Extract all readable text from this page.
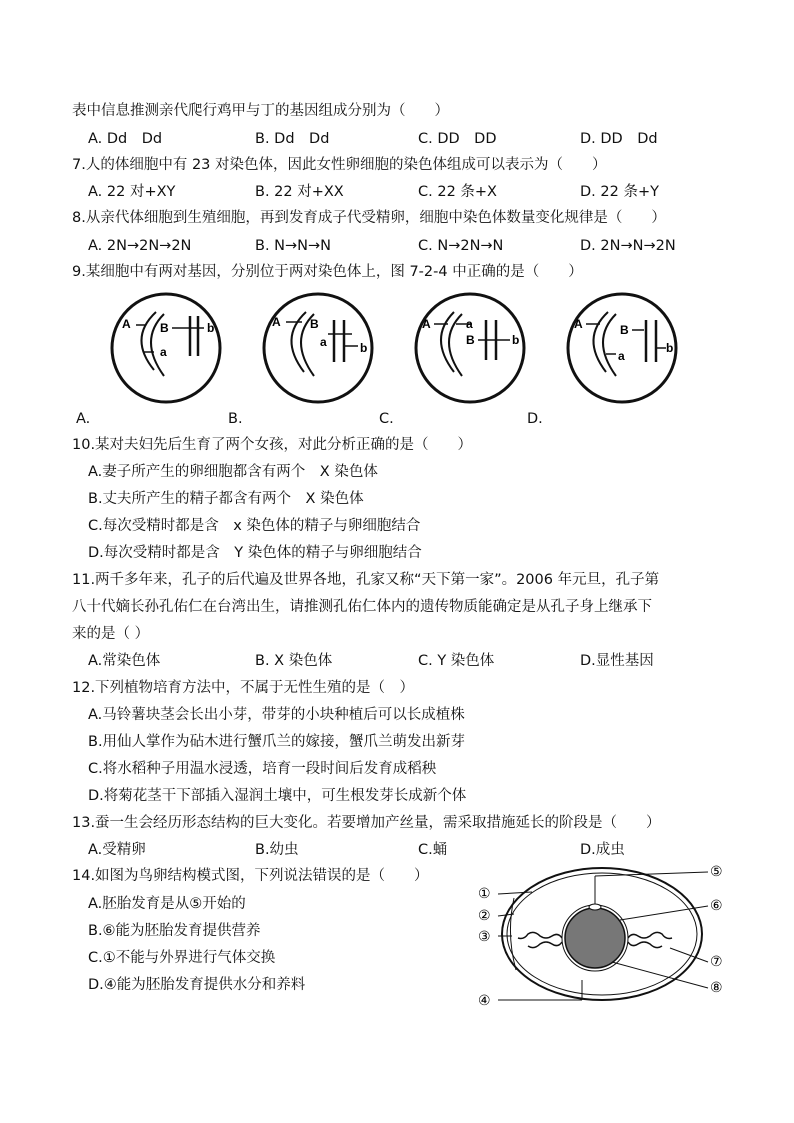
表中信息推测亲代爬行鸡甲与丁的基因组成分别为（　　）
A. Dd　Dd	B. Dd　Dd	C. DD　DD	D. DD　Dd
7.人的体细胞中有 23 对染色体，因此女性卵细胞的染色体组成可以表示为（　　）
A. 22 对+XY	B. 22 对+XX	C. 22 条+X	D. 22 条+Y
8.从亲代体细胞到生殖细胞，再到发育成子代受精卵，细胞中染色体数量变化规律是（　　）
A. 2N→2N→2N	B. N→N→N	C. N→2N→N	D. 2N→N→2N
9.某细胞中有两对基因，分别位于两对染色体上，图 7-2-4 中正确的是（　　）
A
a
B	b	A B
a	b
A	a
B	b
A	B
a
b
A.	B.	C.	D.
10.某对夫妇先后生育了两个女孩，对此分析正确的是（　　）
A.妻子所产生的卵细胞都含有两个　X 染色体
B.丈夫所产生的精子都含有两个　X 染色体
C.每次受精时都是含　x 染色体的精子与卵细胞结合
D.每次受精时都是含　Y 染色体的精子与卵细胞结合
11.两千多年来，孔子的后代遍及世界各地，孔家又称“天下第一家”。2006 年元旦，孔子第
八十代嫡长孙孔佑仁在台湾出生，请推测孔佑仁体内的遗传物质能确定是从孔子身上继承下
来的是（ ）
A.常染色体	B. X 染色体	C. Y 染色体	D.显性基因
12.下列植物培育方法中，不属于无性生殖的是（　）
A.马铃薯块茎会长出小芽，带芽的小块种植后可以长成植株
B.用仙人掌作为砧木进行蟹爪兰的嫁接，蟹爪兰萌发出新芽
C.将水稻种子用温水浸透，培育一段时间后发育成稻秧
D.将菊花茎干下部插入湿润土壤中，可生根发芽长成新个体
13.蚕一生会经历形态结构的巨大变化。若要增加产丝量，需采取措施延长的阶段是（　　）
A.受精卵	B.幼虫	C.蛹	D.成虫
14.如图为鸟卵结构模式图，下列说法错误的是（　　）
A.胚胎发育是从⑤开始的
B.⑥能为胚胎发育提供营养
C.①不能与外界进行气体交换
D.④能为胚胎发育提供水分和养料
①
②
③
④
⑤
⑥
⑦
⑧
